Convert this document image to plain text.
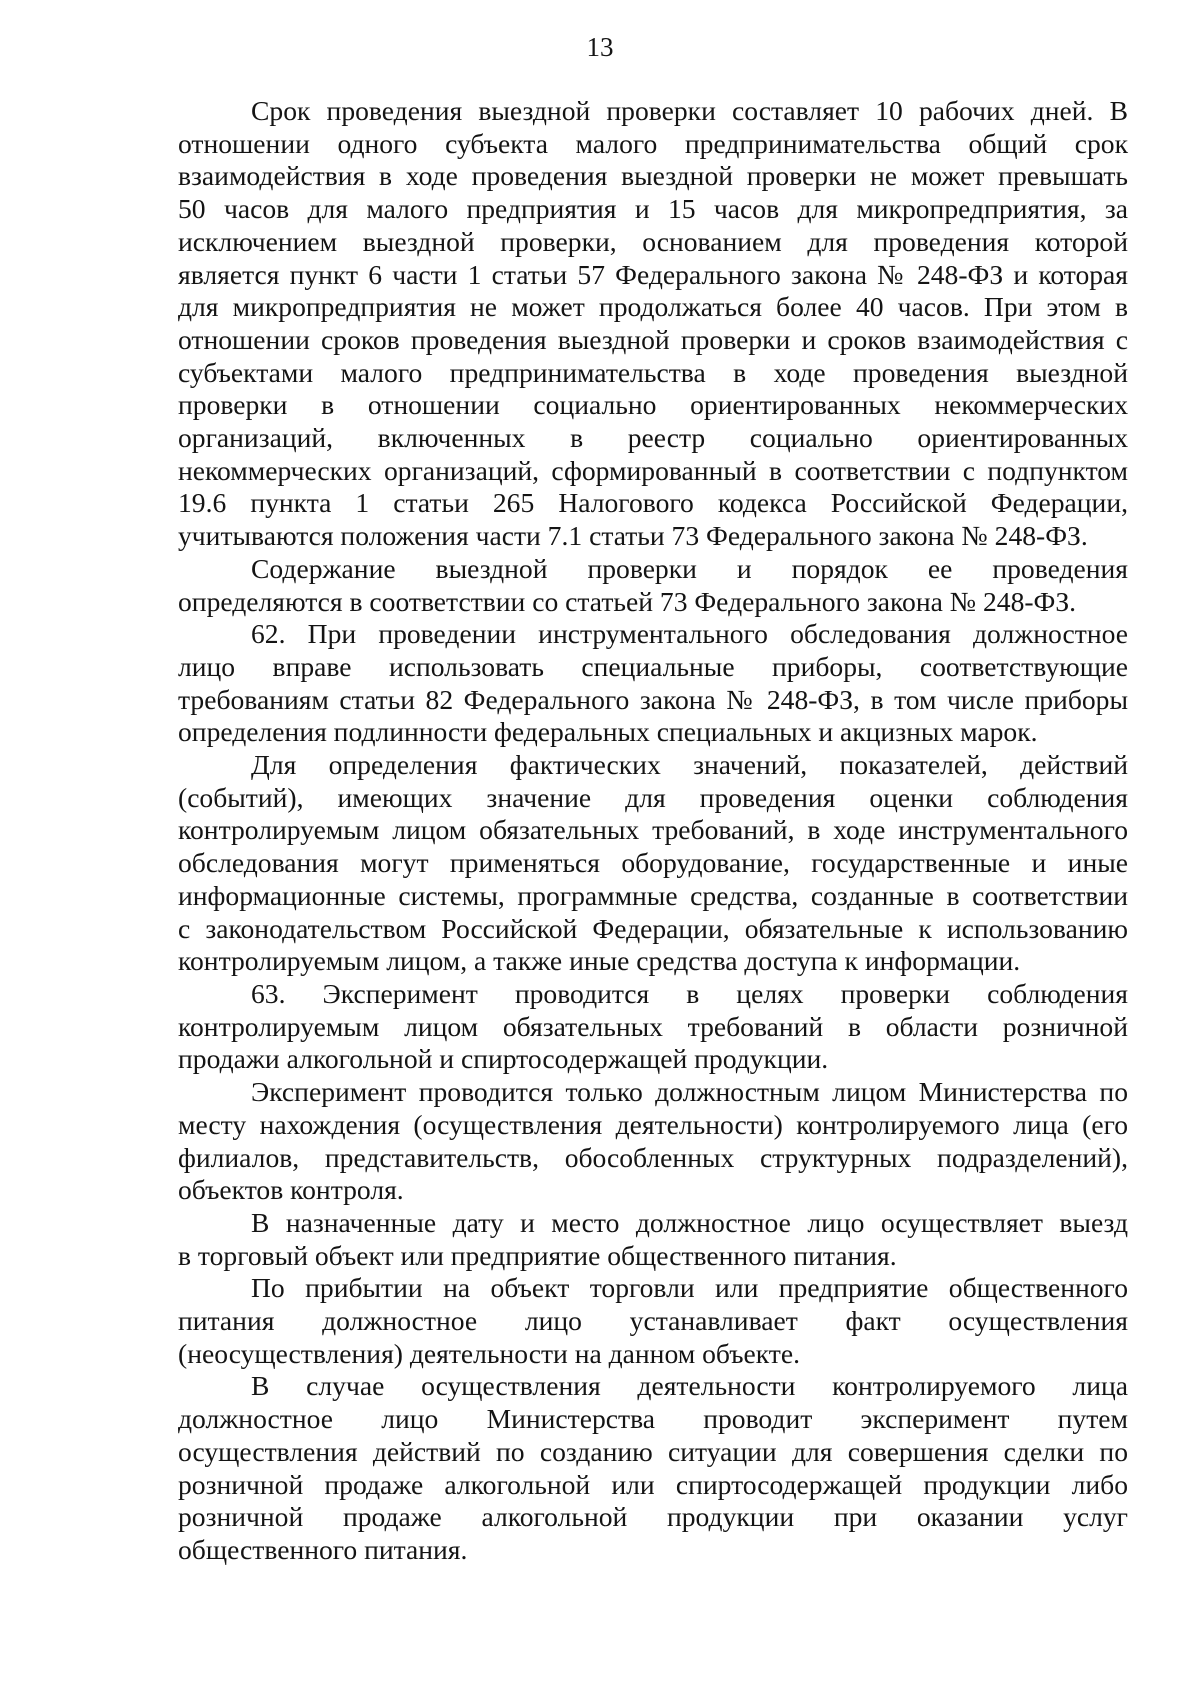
13

Срок проведения выездной проверки составляет 10 рабочих дней. В
отношении одного субъекта малого предпринимательства общий срок
взаимодействия в ходе проведения выездной проверки не может превышать
50 часов для малого предприятия и 15 часов для микропредприятия, за
исключением выездной проверки, основанием для проведения которой
является пункт 6 части 1 статьи 57 Федерального закона № 248-ФЗ и которая
для микропредприятия не может продолжаться более 40 часов. При этом в
отношении сроков проведения выездной проверки и сроков взаимодействия с
субъектами малого предпринимательства в ходе проведения выездной
проверки в отношении социально ориентированных некоммерческих
организаций, включенных в реестр социально ориентированных
некоммерческих организаций, сформированный в соответствии с подпунктом
19.6 пункта 1 статьи 265 Налогового кодекса Российской Федерации,
учитываются положения части 7.1 статьи 73 Федерального закона № 248-ФЗ.

Содержание выездной проверки и порядок ее проведения
определяются в соответствии со статьей 73 Федерального закона № 248-ФЗ.

62. При проведении инструментального обследования должностное
лицо вправе использовать специальные приборы, соответствующие
требованиям статьи 82 Федерального закона № 248-ФЗ, в том числе приборы
определения подлинности федеральных специальных и акцизных марок.

Для определения фактических значений, показателей, действий
(событий), имеющих значение для проведения оценки соблюдения
контролируемым лицом обязательных требований, в ходе инструментального
обследования могут применяться оборудование, государственные и иные
информационные системы, программные средства, созданные в соответствии
с законодательством Российской Федерации, обязательные к использованию
контролируемым лицом, а также иные средства доступа к информации.

63. Эксперимент проводится в целях проверки соблюдения
контролируемым лицом обязательных требований в области розничной
продажи алкогольной и спиртосодержащей продукции.

Эксперимент проводится только должностным лицом Министерства по
месту нахождения (осуществления деятельности) контролируемого лица (его
филиалов, представительств, обособленных структурных подразделений),
объектов контроля.

В назначенные дату и место должностное лицо осуществляет выезд
в торговый объект или предприятие общественного питания.

По прибытии на объект торговли или предприятие общественного
питания должностное лицо устанавливает факт осуществления
(неосуществления) деятельности на данном объекте.

В случае осуществления деятельности контролируемого лица
должностное лицо Министерства проводит эксперимент путем
осуществления действий по созданию ситуации для совершения сделки по
розничной продаже алкогольной или спиртосодержащей продукции либо
розничной продаже алкогольной продукции при оказании услуг
общественного питания.
